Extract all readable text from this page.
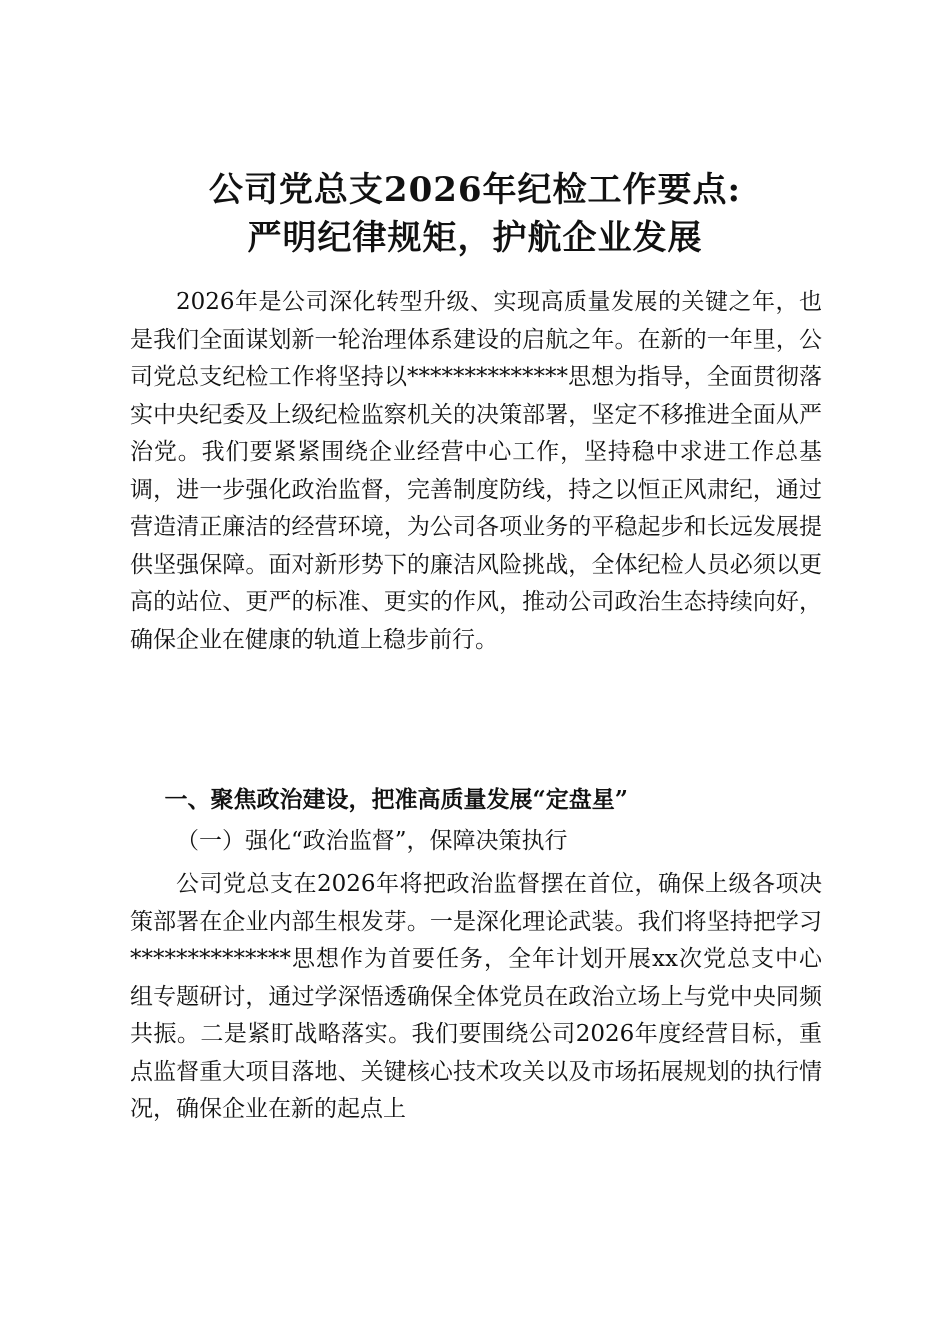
公司党总支2026年纪检工作要点:
严明纪律规矩，护航企业发展

2026年是公司深化转型升级、实现高质量发展的关键之年，也是我们全面谋划新一轮治理体系建设的启航之年。在新的一年里，公司党总支纪检工作将坚持以**************思想为指导，全面贯彻落实中央纪委及上级纪检监察机关的决策部署，坚定不移推进全面从严治党。我们要紧紧围绕企业经营中心工作，坚持稳中求进工作总基调，进一步强化政治监督，完善制度防线，持之以恒正风肃纪，通过营造清正廉洁的经营环境，为公司各项业务的平稳起步和长远发展提供坚强保障。面对新形势下的廉洁风险挑战，全体纪检人员必须以更高的站位、更严的标准、更实的作风，推动公司政治生态持续向好，确保企业在健康的轨道上稳步前行。

一、聚焦政治建设，把准高质量发展“定盘星”
（一）强化“政治监督”，保障决策执行

公司党总支在2026年将把政治监督摆在首位，确保上级各项决策部署在企业内部生根发芽。一是深化理论武装。我们将坚持把学习**************思想作为首要任务，全年计划开展xx次党总支中心组专题研讨，通过学深悟透确保全体党员在政治立场上与党中央同频共振。二是紧盯战略落实。我们要围绕公司2026年度经营目标，重点监督重大项目落地、关键核心技术攻关以及市场拓展规划的执行情况，确保企业在新的起点上
